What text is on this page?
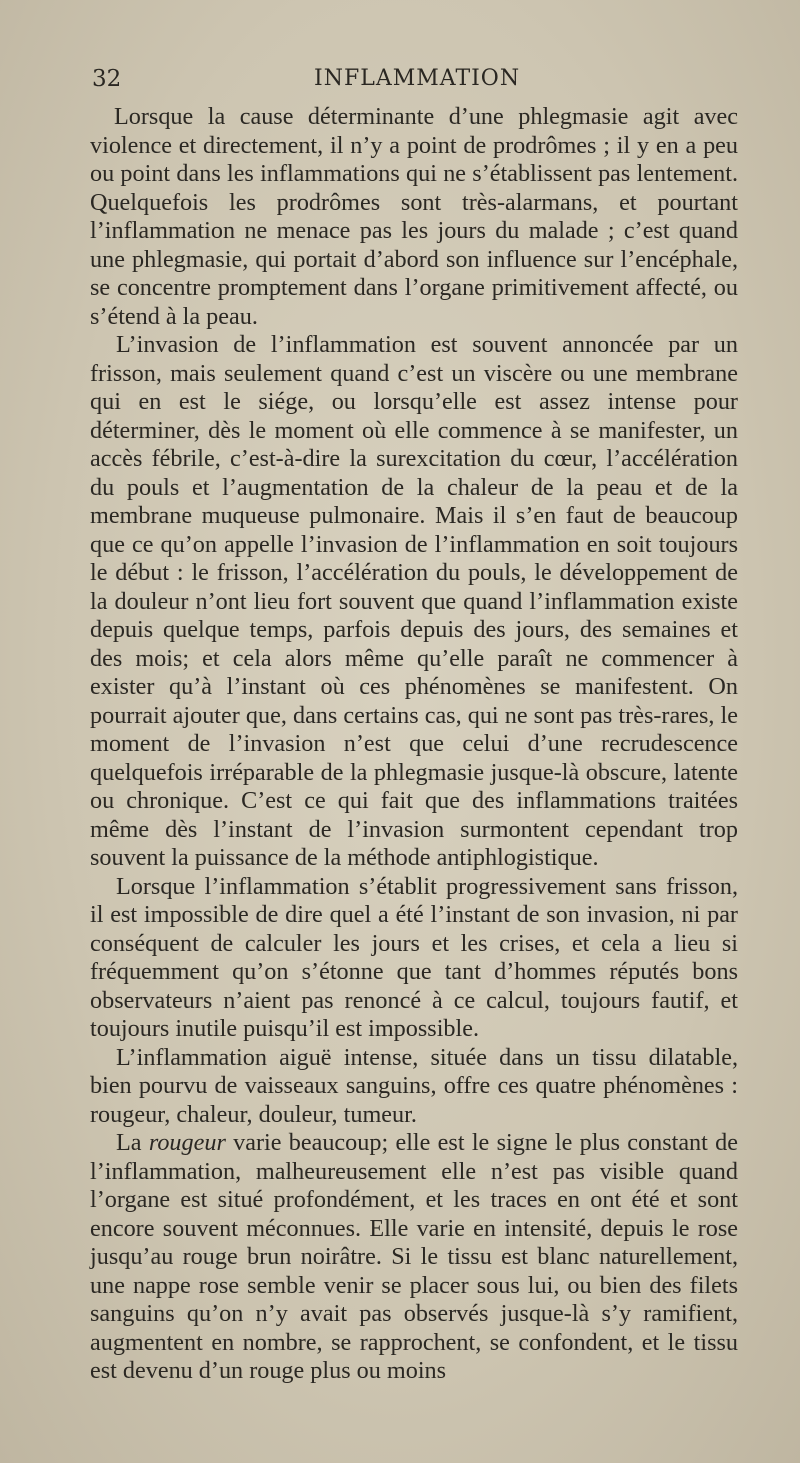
32	INFLAMMATION

Lorsque la cause déterminante d’une phlegmasie agit avec violence et directement, il n’y a point de prodrômes ; il y en a peu ou point dans les inflammations qui ne s’établissent pas lentement. Quelquefois les prodrômes sont très-alarmans, et pourtant l’inflammation ne menace pas les jours du malade ; c’est quand une phlegmasie, qui portait d’abord son influence sur l’encéphale, se concentre promptement dans l’organe primitivement affecté, ou s’étend à la peau.

L’invasion de l’inflammation est souvent annoncée par un frisson, mais seulement quand c’est un viscère ou une membrane qui en est le siége, ou lorsqu’elle est assez intense pour déterminer, dès le moment où elle commence à se manifester, un accès fébrile, c’est-à-dire la surexcitation du cœur, l’accélération du pouls et l’augmentation de la chaleur de la peau et de la membrane muqueuse pulmonaire. Mais il s’en faut de beaucoup que ce qu’on appelle l’invasion de l’inflammation en soit toujours le début : le frisson, l’accélération du pouls, le développement de la douleur n’ont lieu fort souvent que quand l’inflammation existe depuis quelque temps, parfois depuis des jours, des semaines et des mois; et cela alors même qu’elle paraît ne commencer à exister qu’à l’instant où ces phénomènes se manifestent. On pourrait ajouter que, dans certains cas, qui ne sont pas très-rares, le moment de l’invasion n’est que celui d’une recrudescence quelquefois irréparable de la phlegmasie jusque-là obscure, latente ou chronique. C’est ce qui fait que des inflammations traitées même dès l’instant de l’invasion surmontent cependant trop souvent la puissance de la méthode antiphlogistique.

Lorsque l’inflammation s’établit progressivement sans frisson, il est impossible de dire quel a été l’instant de son invasion, ni par conséquent de calculer les jours et les crises, et cela a lieu si fréquemment qu’on s’étonne que tant d’hommes réputés bons observateurs n’aient pas renoncé à ce calcul, toujours fautif, et toujours inutile puisqu’il est impossible.

L’inflammation aiguë intense, située dans un tissu dilatable, bien pourvu de vaisseaux sanguins, offre ces quatre phénomènes : rougeur, chaleur, douleur, tumeur.

La rougeur varie beaucoup; elle est le signe le plus constant de l’inflammation, malheureusement elle n’est pas visible quand l’organe est situé profondément, et les traces en ont été et sont encore souvent méconnues. Elle varie en intensité, depuis le rose jusqu’au rouge brun noirâtre. Si le tissu est blanc naturellement, une nappe rose semble venir se placer sous lui, ou bien des filets sanguins qu’on n’y avait pas observés jusque-là s’y ramifient, augmentent en nombre, se rapprochent, se confondent, et le tissu est devenu d’un rouge plus ou moins
